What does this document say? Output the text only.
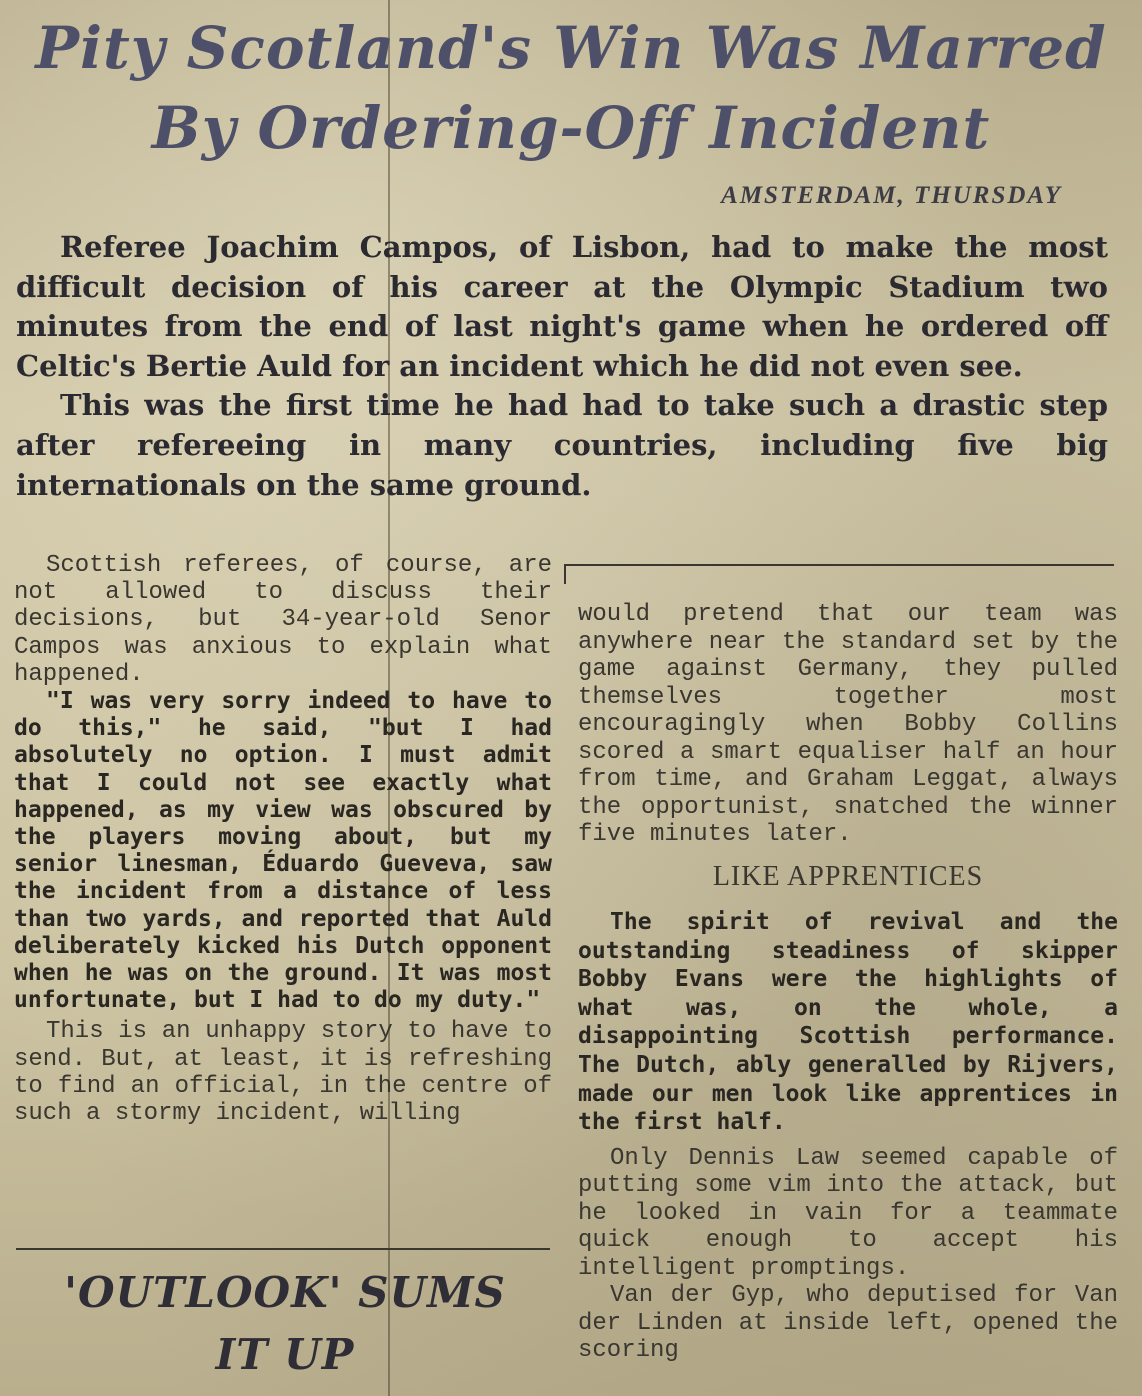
Pity Scotland's Win Was Marred
By Ordering-Off Incident
AMSTERDAM, THURSDAY

Referee Joachim Campos, of Lisbon, had to make the most difficult decision of his career at the Olympic Stadium two minutes from the end of last night's game when he ordered off Celtic's Bertie Auld for an incident which he did not even see.

This was the first time he had had to take such a drastic step after refereeing in many countries, including five big internationals on the same ground.

Scottish referees, of course, are not allowed to discuss their decisions, but 34-year-old Senor Campos was anxious to explain what happened.

"I was very sorry indeed to have to do this," he said, "but I had absolutely no option. I must admit that I could not see exactly what happened, as my view was obscured by the players moving about, but my senior linesman, Éduardo Gueveva, saw the incident from a distance of less than two yards, and reported that Auld deliberately kicked his Dutch opponent when he was on the ground. It was most unfortunate, but I had to do my duty."

This is an unhappy story to have to send. But, at least, it is refreshing to find an official, in the centre of such a stormy incident, willing

would pretend that our team was anywhere near the standard set by the game against Germany, they pulled themselves together most encouragingly when Bobby Collins scored a smart equaliser half an hour from time, and Graham Leggat, always the opportunist, snatched the winner five minutes later.

LIKE APPRENTICES

The spirit of revival and the outstanding steadiness of skipper Bobby Evans were the highlights of what was, on the whole, a disappointing Scottish performance. The Dutch, ably generalled by Rijvers, made our men look like apprentices in the first half.

Only Dennis Law seemed capable of putting some vim into the attack, but he looked in vain for a teammate quick enough to accept his intelligent promptings.

Van der Gyp, who deputised for Van der Linden at inside left, opened the scoring

'OUTLOOK' SUMS
IT UP
